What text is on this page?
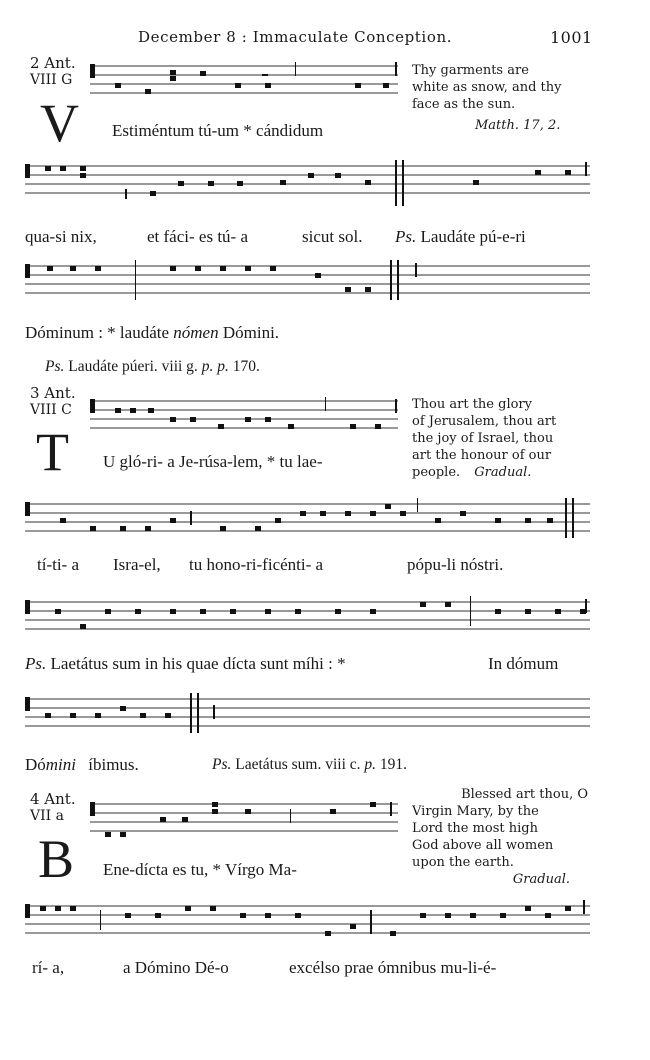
December 8 : Immaculate Conception.	1001
2 Ant.
VIII G
V Estiméntum tú-um * cándidum
Thy garments are
white as snow, and thy
face as the sun.
Matth. 17, 2.
qua-si nix,	et fáci- es tú- a	sicut sol. Ps. Laudáte pú-e-ri
Dóminum : * laudáte nómen Dómini.
Ps. Laudáte púeri. viii g. p. p. 170.
3 Ant.
VIII C
T U gló-ri- a Je-rúsa-lem, * tu lae-
Thou art the glory
of Jerusalem, thou art
the joy of Israel, thou
art the honour of our
people. Gradual.
tí-ti- a Isra-el, tu hono-ri-ficénti- a	pópu-li nóstri.
Ps. Laetátus sum in his quae dícta sunt míhi : *	In dómum
Dómini íbimus.	Ps. Laetátus sum. viii c. p. 191.
4 Ant.
VII a
B Ene-dícta es tu, * Vírgo Ma-
Blessed art thou, O
Virgin Mary, by the
Lord the most high
God above all women
upon the earth.
Gradual.
rí- a,	a Dómino Dé-o	excélso prae ómnibus mu-li-é-
